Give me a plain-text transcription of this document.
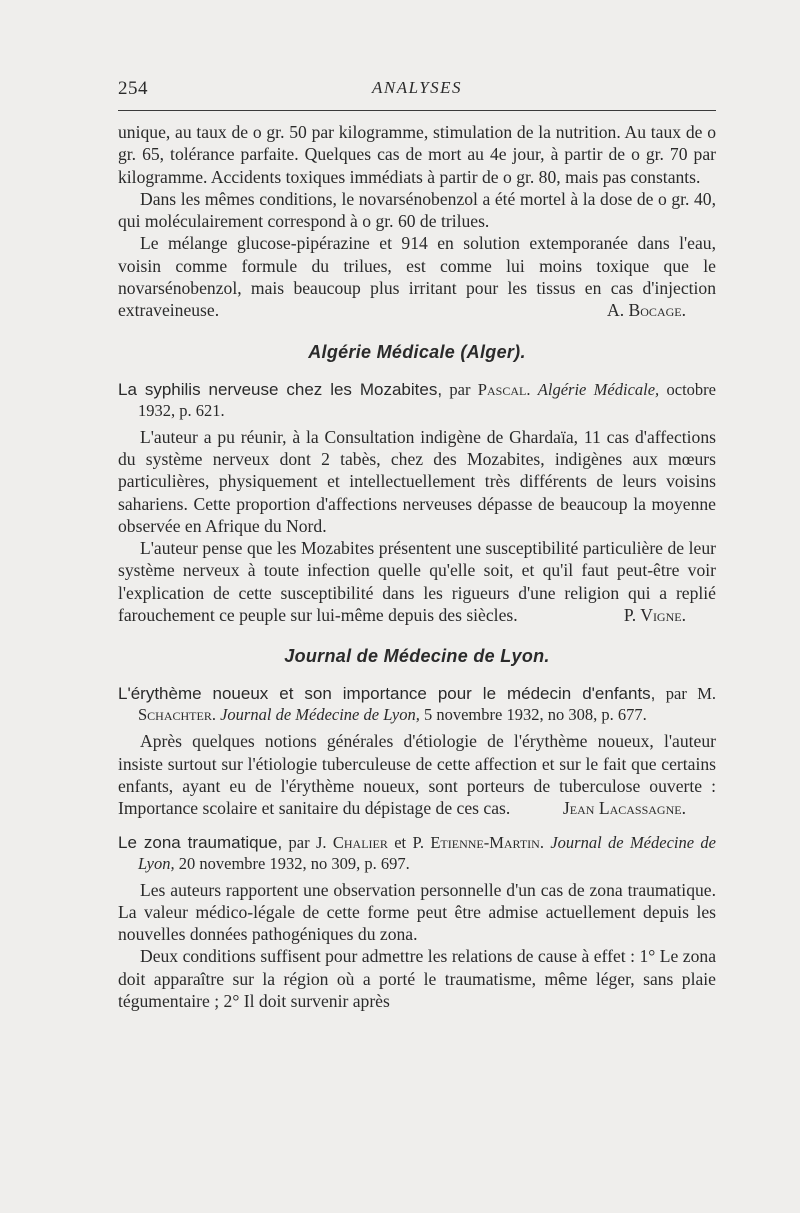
254	ANALYSES

unique, au taux de o gr. 50 par kilogramme, stimulation de la nutrition. Au taux de o gr. 65, tolérance parfaite. Quelques cas de mort au 4e jour, à partir de o gr. 70 par kilogramme. Accidents toxiques immédiats à partir de o gr. 80, mais pas constants.

Dans les mêmes conditions, le novarsénobenzol a été mortel à la dose de o gr. 40, qui moléculairement correspond à o gr. 60 de trilues.

Le mélange glucose-pipérazine et 914 en solution extemporanée dans l'eau, voisin comme formule du trilues, est comme lui moins toxique que le novarsénobenzol, mais beaucoup plus irritant pour les tissus en cas d'injection extraveineuse.	A. Bocage.

Algérie Médicale (Alger).
La syphilis nerveuse chez les Mozabites, par Pascal. Algérie Médicale, octobre 1932, p. 621.

L'auteur a pu réunir, à la Consultation indigène de Ghardaïa, 11 cas d'affections du système nerveux dont 2 tabès, chez des Mozabites, indigènes aux mœurs particulières, physiquement et intellectuellement très différents de leurs voisins sahariens. Cette proportion d'affections nerveuses dépasse de beaucoup la moyenne observée en Afrique du Nord.

L'auteur pense que les Mozabites présentent une susceptibilité particulière de leur système nerveux à toute infection quelle qu'elle soit, et qu'il faut peut-être voir l'explication de cette susceptibilité dans les rigueurs d'une religion qui a replié farouchement ce peuple sur lui-même depuis des siècles.	P. Vigne.

Journal de Médecine de Lyon.
L'érythème noueux et son importance pour le médecin d'enfants, par M. Schachter. Journal de Médecine de Lyon, 5 novembre 1932, no 308, p. 677.

Après quelques notions générales d'étiologie de l'érythème noueux, l'auteur insiste surtout sur l'étiologie tuberculeuse de cette affection et sur le fait que certains enfants, ayant eu de l'érythème noueux, sont porteurs de tuberculose ouverte : Importance scolaire et sanitaire du dépistage de ces cas.	Jean Lacassagne.

Le zona traumatique, par J. Chalier et P. Etienne-Martin. Journal de Médecine de Lyon, 20 novembre 1932, no 309, p. 697.

Les auteurs rapportent une observation personnelle d'un cas de zona traumatique. La valeur médico-légale de cette forme peut être admise actuellement depuis les nouvelles données pathogéniques du zona.

Deux conditions suffisent pour admettre les relations de cause à effet : 1° Le zona doit apparaître sur la région où a porté le traumatisme, même léger, sans plaie tégumentaire ; 2° Il doit survenir après
